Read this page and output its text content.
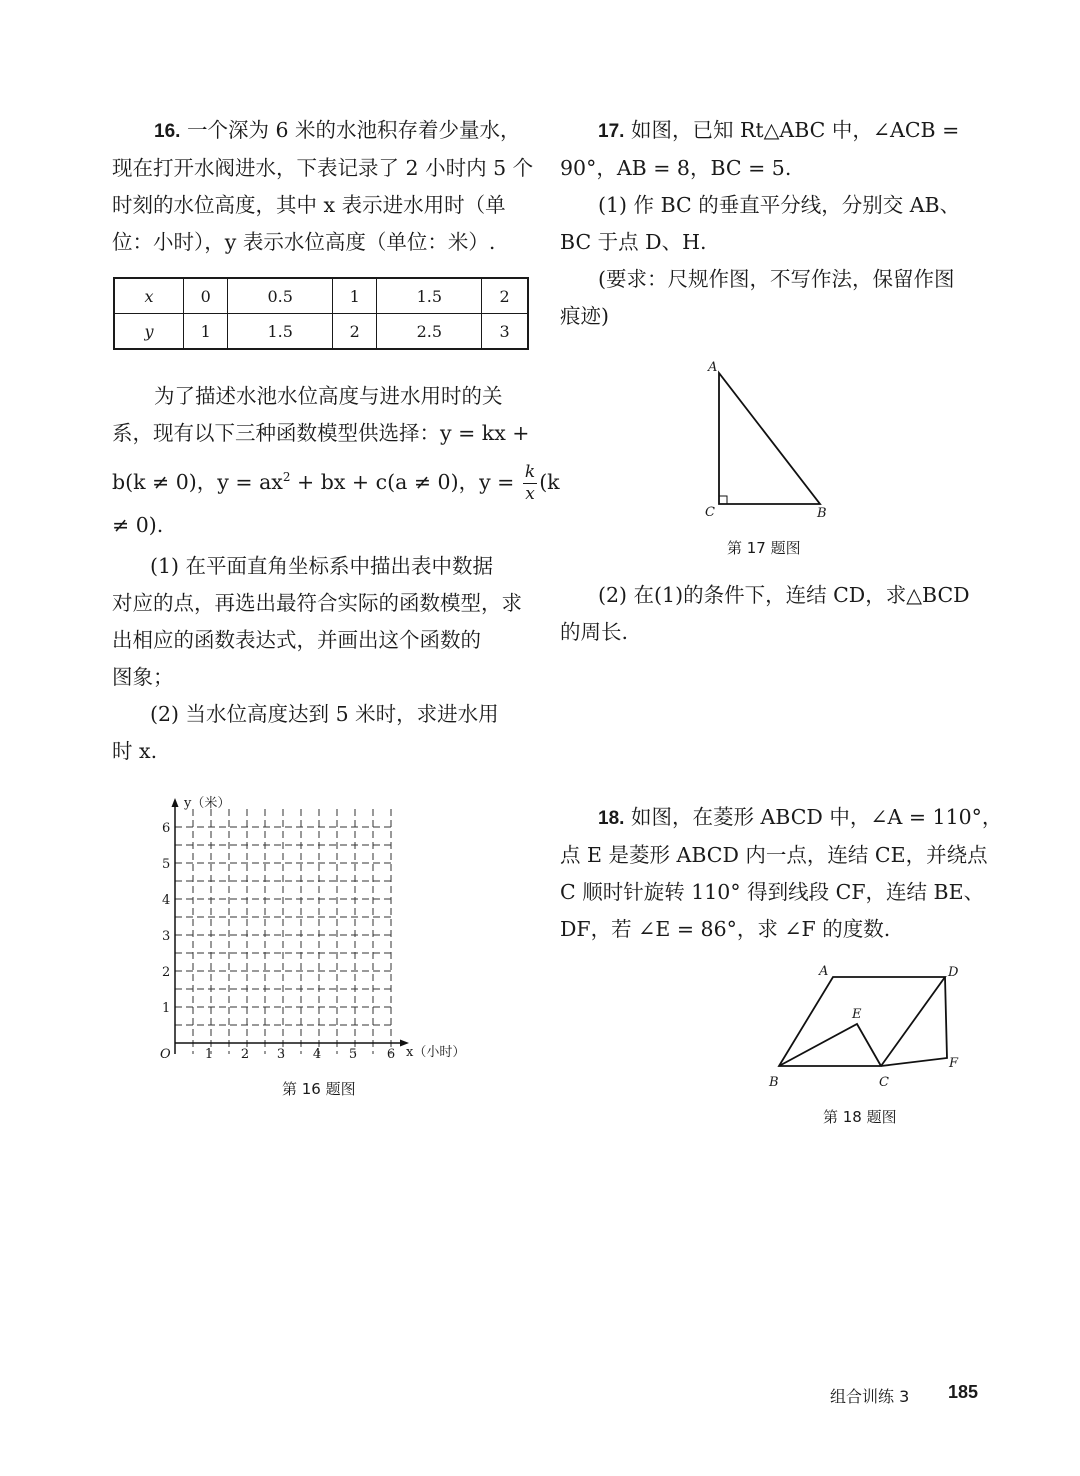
16. 一个深为 6 米的水池积存着少量水，

现在打开水阀进水，下表记录了 2 小时内 5 个

时刻的水位高度，其中 x 表示进水用时（单

位：小时），y 表示水位高度（单位：米）.

x	0	0.5	1	1.5	2
y	1	1.5	2	2.5	3

为了描述水池水位高度与进水用时的关

系，现有以下三种函数模型供选择：y = kx +

b(k ≠ 0)，$y = ax^2$ + bx + c(a ≠ 0)，$y = \frac{k}{x} (k$

≠ 0).

(1) 在平面直角坐标系中描出表中数据

对应的点，再选出最符合实际的函数模型，求

出相应的函数表达式，并画出这个函数的

图象；

(2) 当水位高度达到 5 米时，求进水用

时 x.

y（米）
x（小时）
O	1 2 3 4 5 6
1
2
3
4
5
6
第 16 题图

17. 如图，已知 Rt△ABC 中，∠ACB =

90°，AB = 8，BC = 5.

(1) 作 BC 的垂直平分线，分别交 AB、

BC 于点 D、H.

(要求：尺规作图，不写作法，保留作图

痕迹)

A
C	B
第 17 题图

(2) 在(1)的条件下，连结 CD，求△BCD

的周长.

18. 如图，在菱形 ABCD 中，∠A = 110°，

点 E 是菱形 ABCD 内一点，连结 CE，并绕点

C 顺时针旋转 110° 得到线段 CF，连结 BE、

DF，若 ∠E = 86°，求 ∠F 的度数.

A	D
E
F
B	C
第 18 题图
组合训练 3 185
